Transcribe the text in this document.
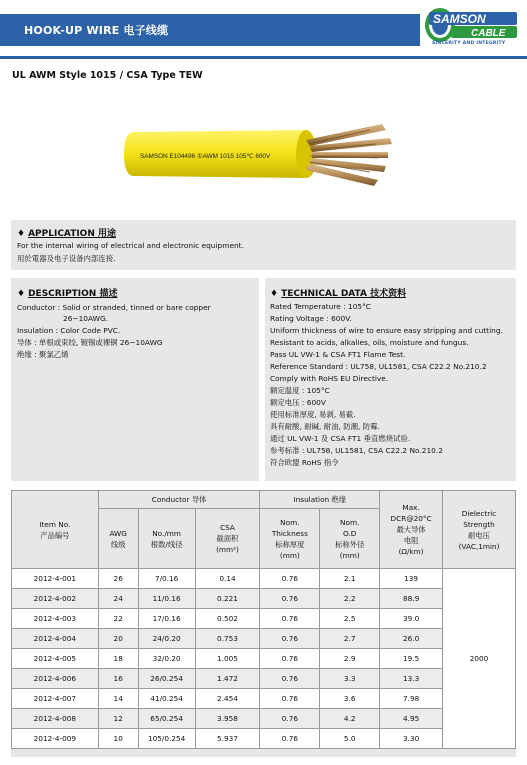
HOOK-UP WIRE 电子线缆
SAMSON
CABLE
SINCERITY AND INTEGRITY
UL AWM Style 1015 / CSA Type TEW
SAMSON E104496 ①AWM 1015 105℃ 600V
♦ APPLICATION 用途
For the internal wiring of electrical and electronic equipment.
用於電器及电子设备内部连接.
♦ DESCRIPTION 描述
Conductor : Solid or stranded, tinned or bare copper
26~10AWG.
Insulation : Color Code PVC.
导体 : 单根或束绞, 镀锡或裸铜 26~10AWG
绝缘 : 聚氯乙烯
♦ TECHNICAL DATA 技术资料
Rated Temperature : 105°C
Rating Voltage : 600V.
Uniform thickness of wire to ensure easy stripping and cutting.
Resistant to acids, alkalies, oils, moisture and fungus.
Pass UL VW-1 & CSA FT1 Flame Test.
Reference Standard : UL758, UL1581, CSA C22.2 No.210.2
Comply with RoHS EU Directive.
额定温度 : 105°C
额定电压 : 600V
使用标准厚度, 易剥, 易截.
具有耐酸, 耐碱, 耐油, 防潮, 防霉.
通过 UL VW-1 及 CSA FT1 垂直燃烧试验.
参考标准 : UL758, UL1581, CSA C22.2 No.210.2
符合欧盟 RoHS 指令
Item No.
产品编号	Conductor 导体			Insulation 绝缘		Max.
DCR@20°C
最大导体
电阻
(Ω/km)	Dielectric
Strength
耐电压
(VAC,1min)
	AWG
线级	No./mm
根数/线径	CSA
截面积
(mm²)	Nom.
Thickness
标称厚度
(mm)	Nom.
O.D
标称外径
(mm)		
2012-4-001	26	7/0.16	0.14	0.76	2.1	139	2000
2012-4-002	24	11/0.16	0.221	0.76	2.2	88.9	
2012-4-003	22	17/0.16	0.502	0.76	2.5	39.0	
2012-4-004	20	24/0.20	0.753	0.76	2.7	26.0	
2012-4-005	18	32/0.20	1.005	0.76	2.9	19.5	
2012-4-006	16	26/0.254	1.472	0.76	3.3	13.3	
2012-4-007	14	41/0.254	2.454	0.76	3.6	7.98	
2012-4-008	12	65/0.254	3.958	0.76	4.2	4.95	
2012-4-009	10	105/0.254	5.937	0.76	5.0	3.30	
